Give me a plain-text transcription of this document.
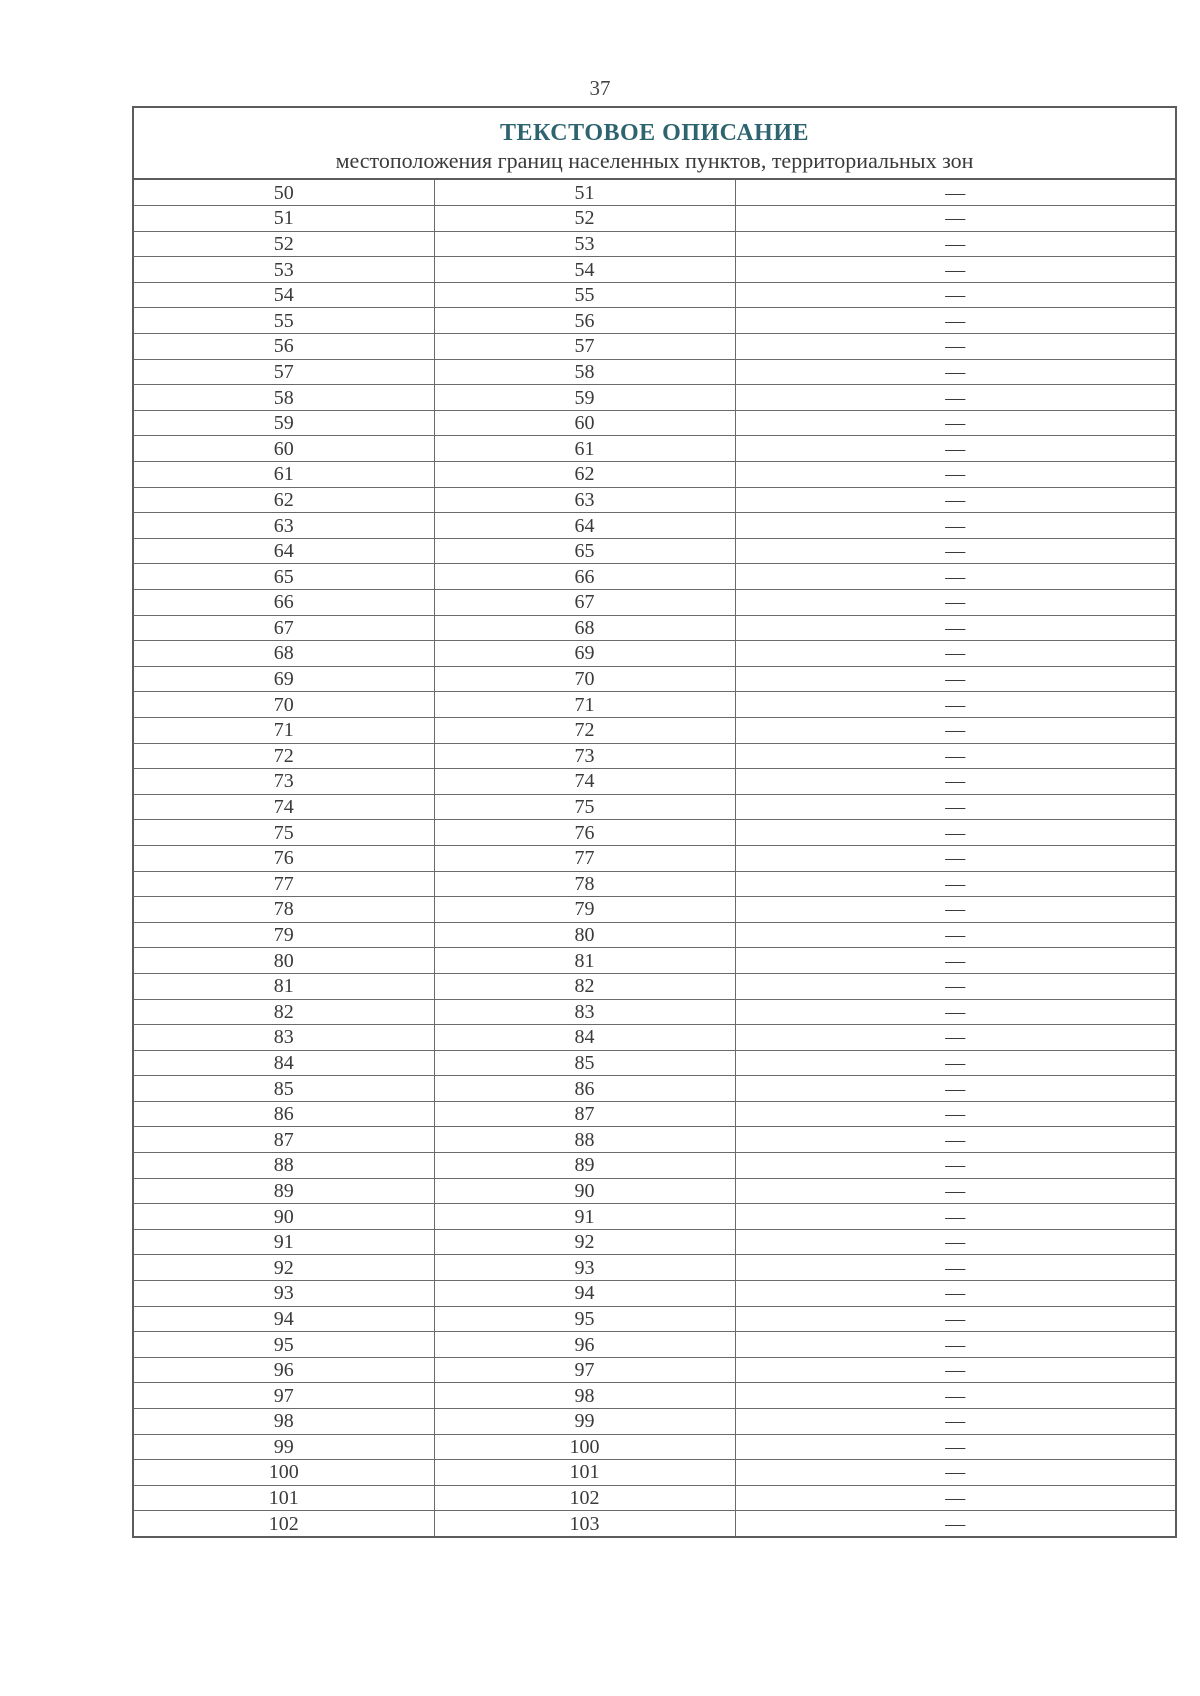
37
ТЕКСТОВОЕ ОПИСАНИЕ
местоположения границ населенных пунктов, территориальных зон
50	51	—
51	52	—
52	53	—
53	54	—
54	55	—
55	56	—
56	57	—
57	58	—
58	59	—
59	60	—
60	61	—
61	62	—
62	63	—
63	64	—
64	65	—
65	66	—
66	67	—
67	68	—
68	69	—
69	70	—
70	71	—
71	72	—
72	73	—
73	74	—
74	75	—
75	76	—
76	77	—
77	78	—
78	79	—
79	80	—
80	81	—
81	82	—
82	83	—
83	84	—
84	85	—
85	86	—
86	87	—
87	88	—
88	89	—
89	90	—
90	91	—
91	92	—
92	93	—
93	94	—
94	95	—
95	96	—
96	97	—
97	98	—
98	99	—
99	100	—
100	101	—
101	102	—
102	103	—
